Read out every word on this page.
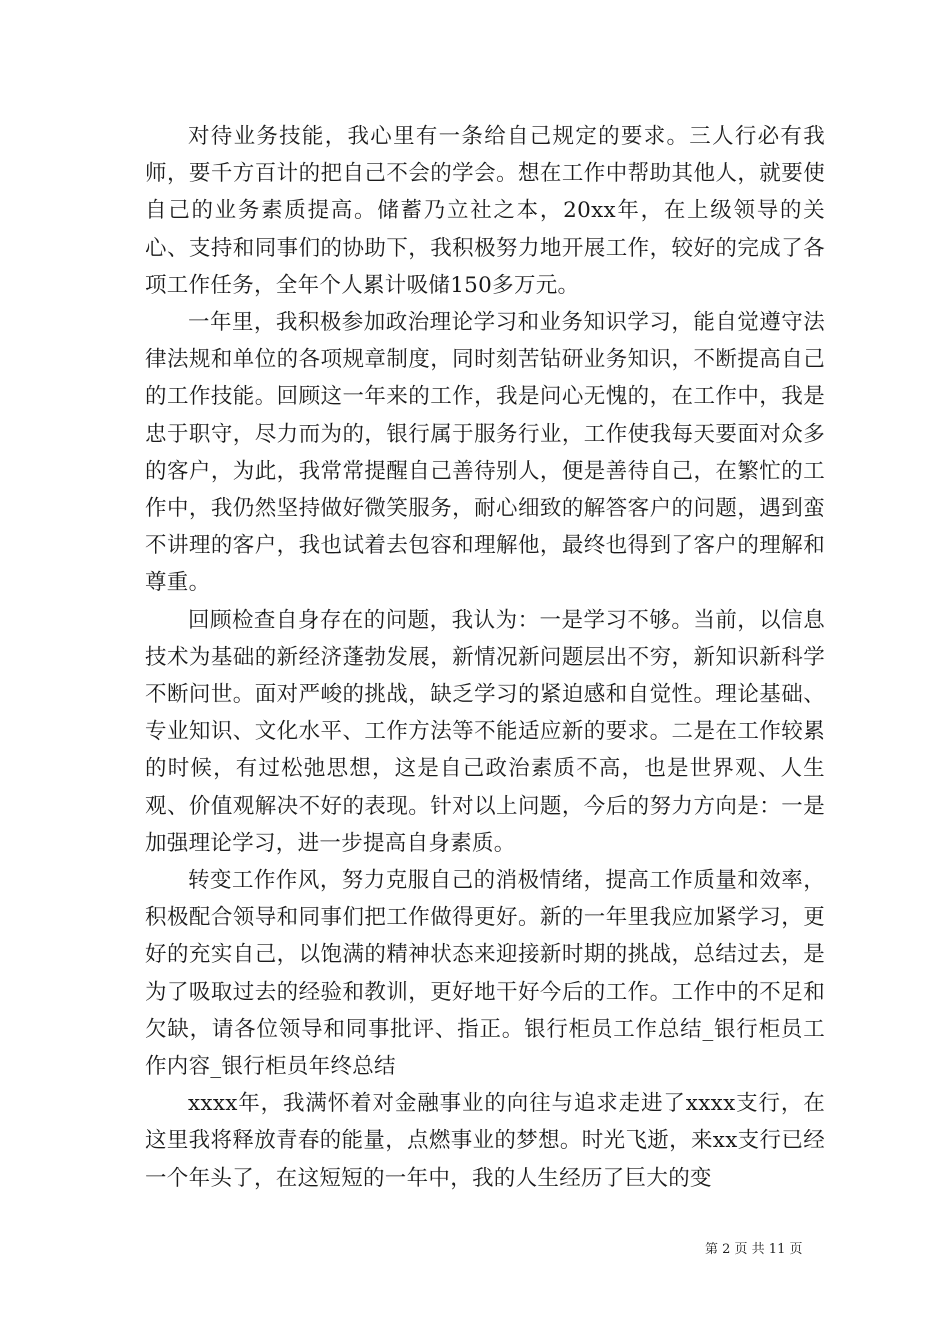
对待业务技能，我心里有一条给自己规定的要求。三人行必有我师，要千方百计的把自己不会的学会。想在工作中帮助其他人，就要使自己的业务素质提高。储蓄乃立社之本，20xx年，在上级领导的关心、支持和同事们的协助下，我积极努力地开展工作，较好的完成了各项工作任务，全年个人累计吸储150多万元。

一年里，我积极参加政治理论学习和业务知识学习，能自觉遵守法律法规和单位的各项规章制度，同时刻苦钻研业务知识，不断提高自己的工作技能。回顾这一年来的工作，我是问心无愧的，在工作中，我是忠于职守，尽力而为的，银行属于服务行业，工作使我每天要面对众多的客户，为此，我常常提醒自己善待别人，便是善待自己，在繁忙的工作中，我仍然坚持做好微笑服务，耐心细致的解答客户的问题，遇到蛮不讲理的客户，我也试着去包容和理解他，最终也得到了客户的理解和尊重。

回顾检查自身存在的问题，我认为：一是学习不够。当前，以信息技术为基础的新经济蓬勃发展，新情况新问题层出不穷，新知识新科学不断问世。面对严峻的挑战，缺乏学习的紧迫感和自觉性。理论基础、专业知识、文化水平、工作方法等不能适应新的要求。二是在工作较累的时候，有过松弛思想，这是自己政治素质不高，也是世界观、人生观、价值观解决不好的表现。针对以上问题，今后的努力方向是：一是加强理论学习，进一步提高自身素质。

转变工作作风，努力克服自己的消极情绪，提高工作质量和效率，积极配合领导和同事们把工作做得更好。新的一年里我应加紧学习，更好的充实自己，以饱满的精神状态来迎接新时期的挑战，总结过去，是为了吸取过去的经验和教训，更好地干好今后的工作。工作中的不足和欠缺，请各位领导和同事批评、指正。银行柜员工作总结_银行柜员工作内容_银行柜员年终总结

xxxx年，我满怀着对金融事业的向往与追求走进了xxxx支行，在这里我将释放青春的能量，点燃事业的梦想。时光飞逝，来xx支行已经一个年头了，在这短短的一年中，我的人生经历了巨大的变

第 2 页 共 11 页
